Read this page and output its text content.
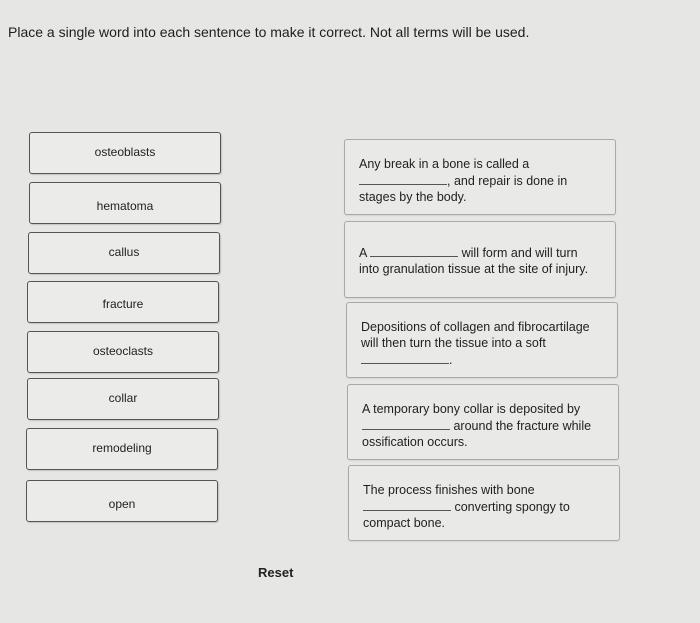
Place a single word into each sentence to make it correct. Not all terms will be used.
osteoblasts
hematoma
callus
fracture
osteoclasts
collar
remodeling
open
Any break in a bone is called a
, and repair is done in stages by the body.
A	will form and will turn into granulation tissue at the site of injury.
Depositions of collagen and fibrocartilage will then turn the tissue into a soft
.
A temporary bony collar is deposited by
around the fracture while ossification occurs.
The process finishes with bone
converting spongy to compact bone.
Reset
